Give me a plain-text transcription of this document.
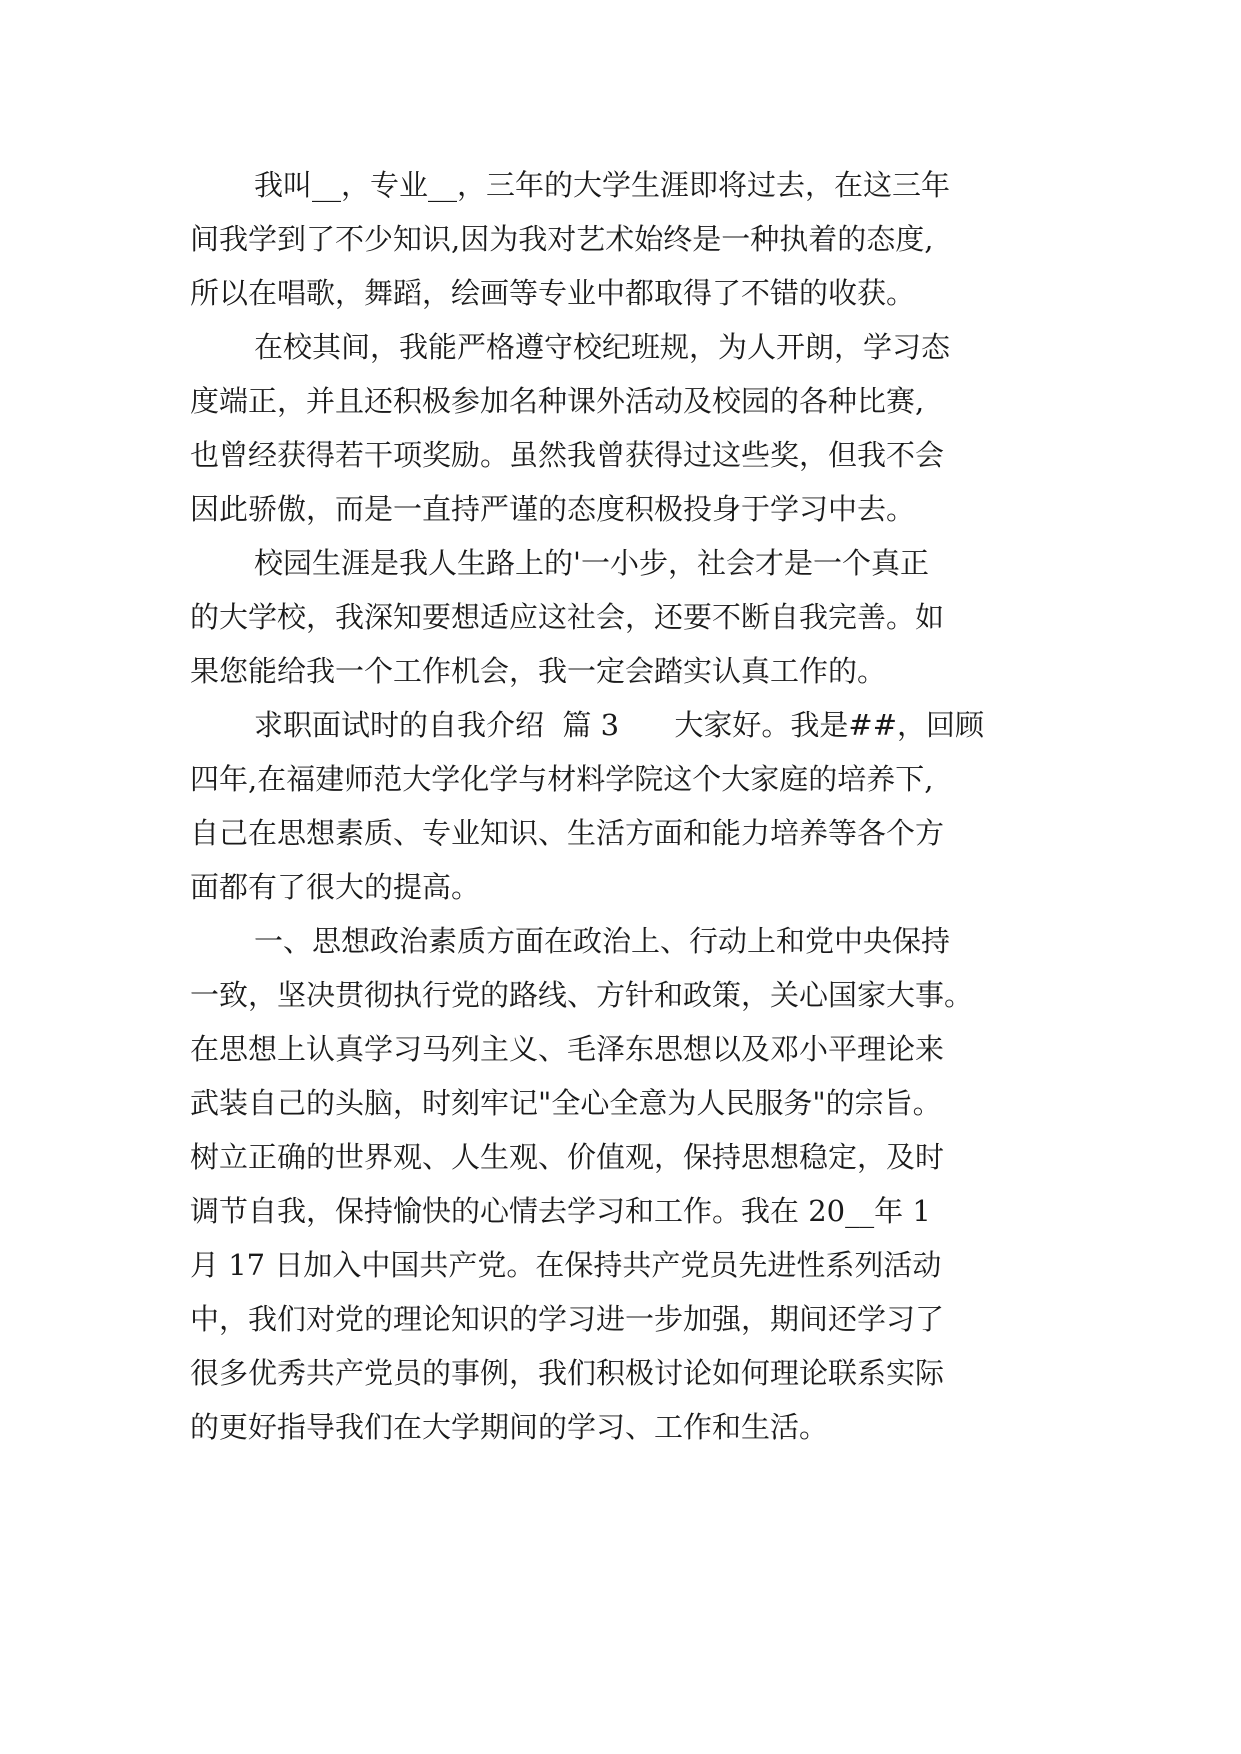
我叫__，专业__，三年的大学生涯即将过去，在这三年
间我学到了不少知识,因为我对艺术始终是一种执着的态度,
所以在唱歌，舞蹈，绘画等专业中都取得了不错的收获。
在校其间，我能严格遵守校纪班规，为人开朗，学习态
度端正，并且还积极参加名种课外活动及校园的各种比赛,
也曾经获得若干项奖励。虽然我曾获得过这些奖，但我不会
因此骄傲，而是一直持严谨的态度积极投身于学习中去。
校园生涯是我人生路上的'一小步，社会才是一个真正
的大学校，我深知要想适应这社会，还要不断自我完善。如
果您能给我一个工作机会，我一定会踏实认真工作的。
求职面试时的自我介绍  篇 3      大家好。我是##，回顾
四年,在福建师范大学化学与材料学院这个大家庭的培养下,
自己在思想素质、专业知识、生活方面和能力培养等各个方
面都有了很大的提高。
一、思想政治素质方面在政治上、行动上和党中央保持
一致，坚决贯彻执行党的路线、方针和政策，关心国家大事。
在思想上认真学习马列主义、毛泽东思想以及邓小平理论来
武装自己的头脑，时刻牢记"全心全意为人民服务"的宗旨。
树立正确的世界观、人生观、价值观，保持思想稳定，及时
调节自我，保持愉快的心情去学习和工作。我在 20__年 1
月 17 日加入中国共产党。在保持共产党员先进性系列活动
中，我们对党的理论知识的学习进一步加强，期间还学习了
很多优秀共产党员的事例，我们积极讨论如何理论联系实际
的更好指导我们在大学期间的学习、工作和生活。
